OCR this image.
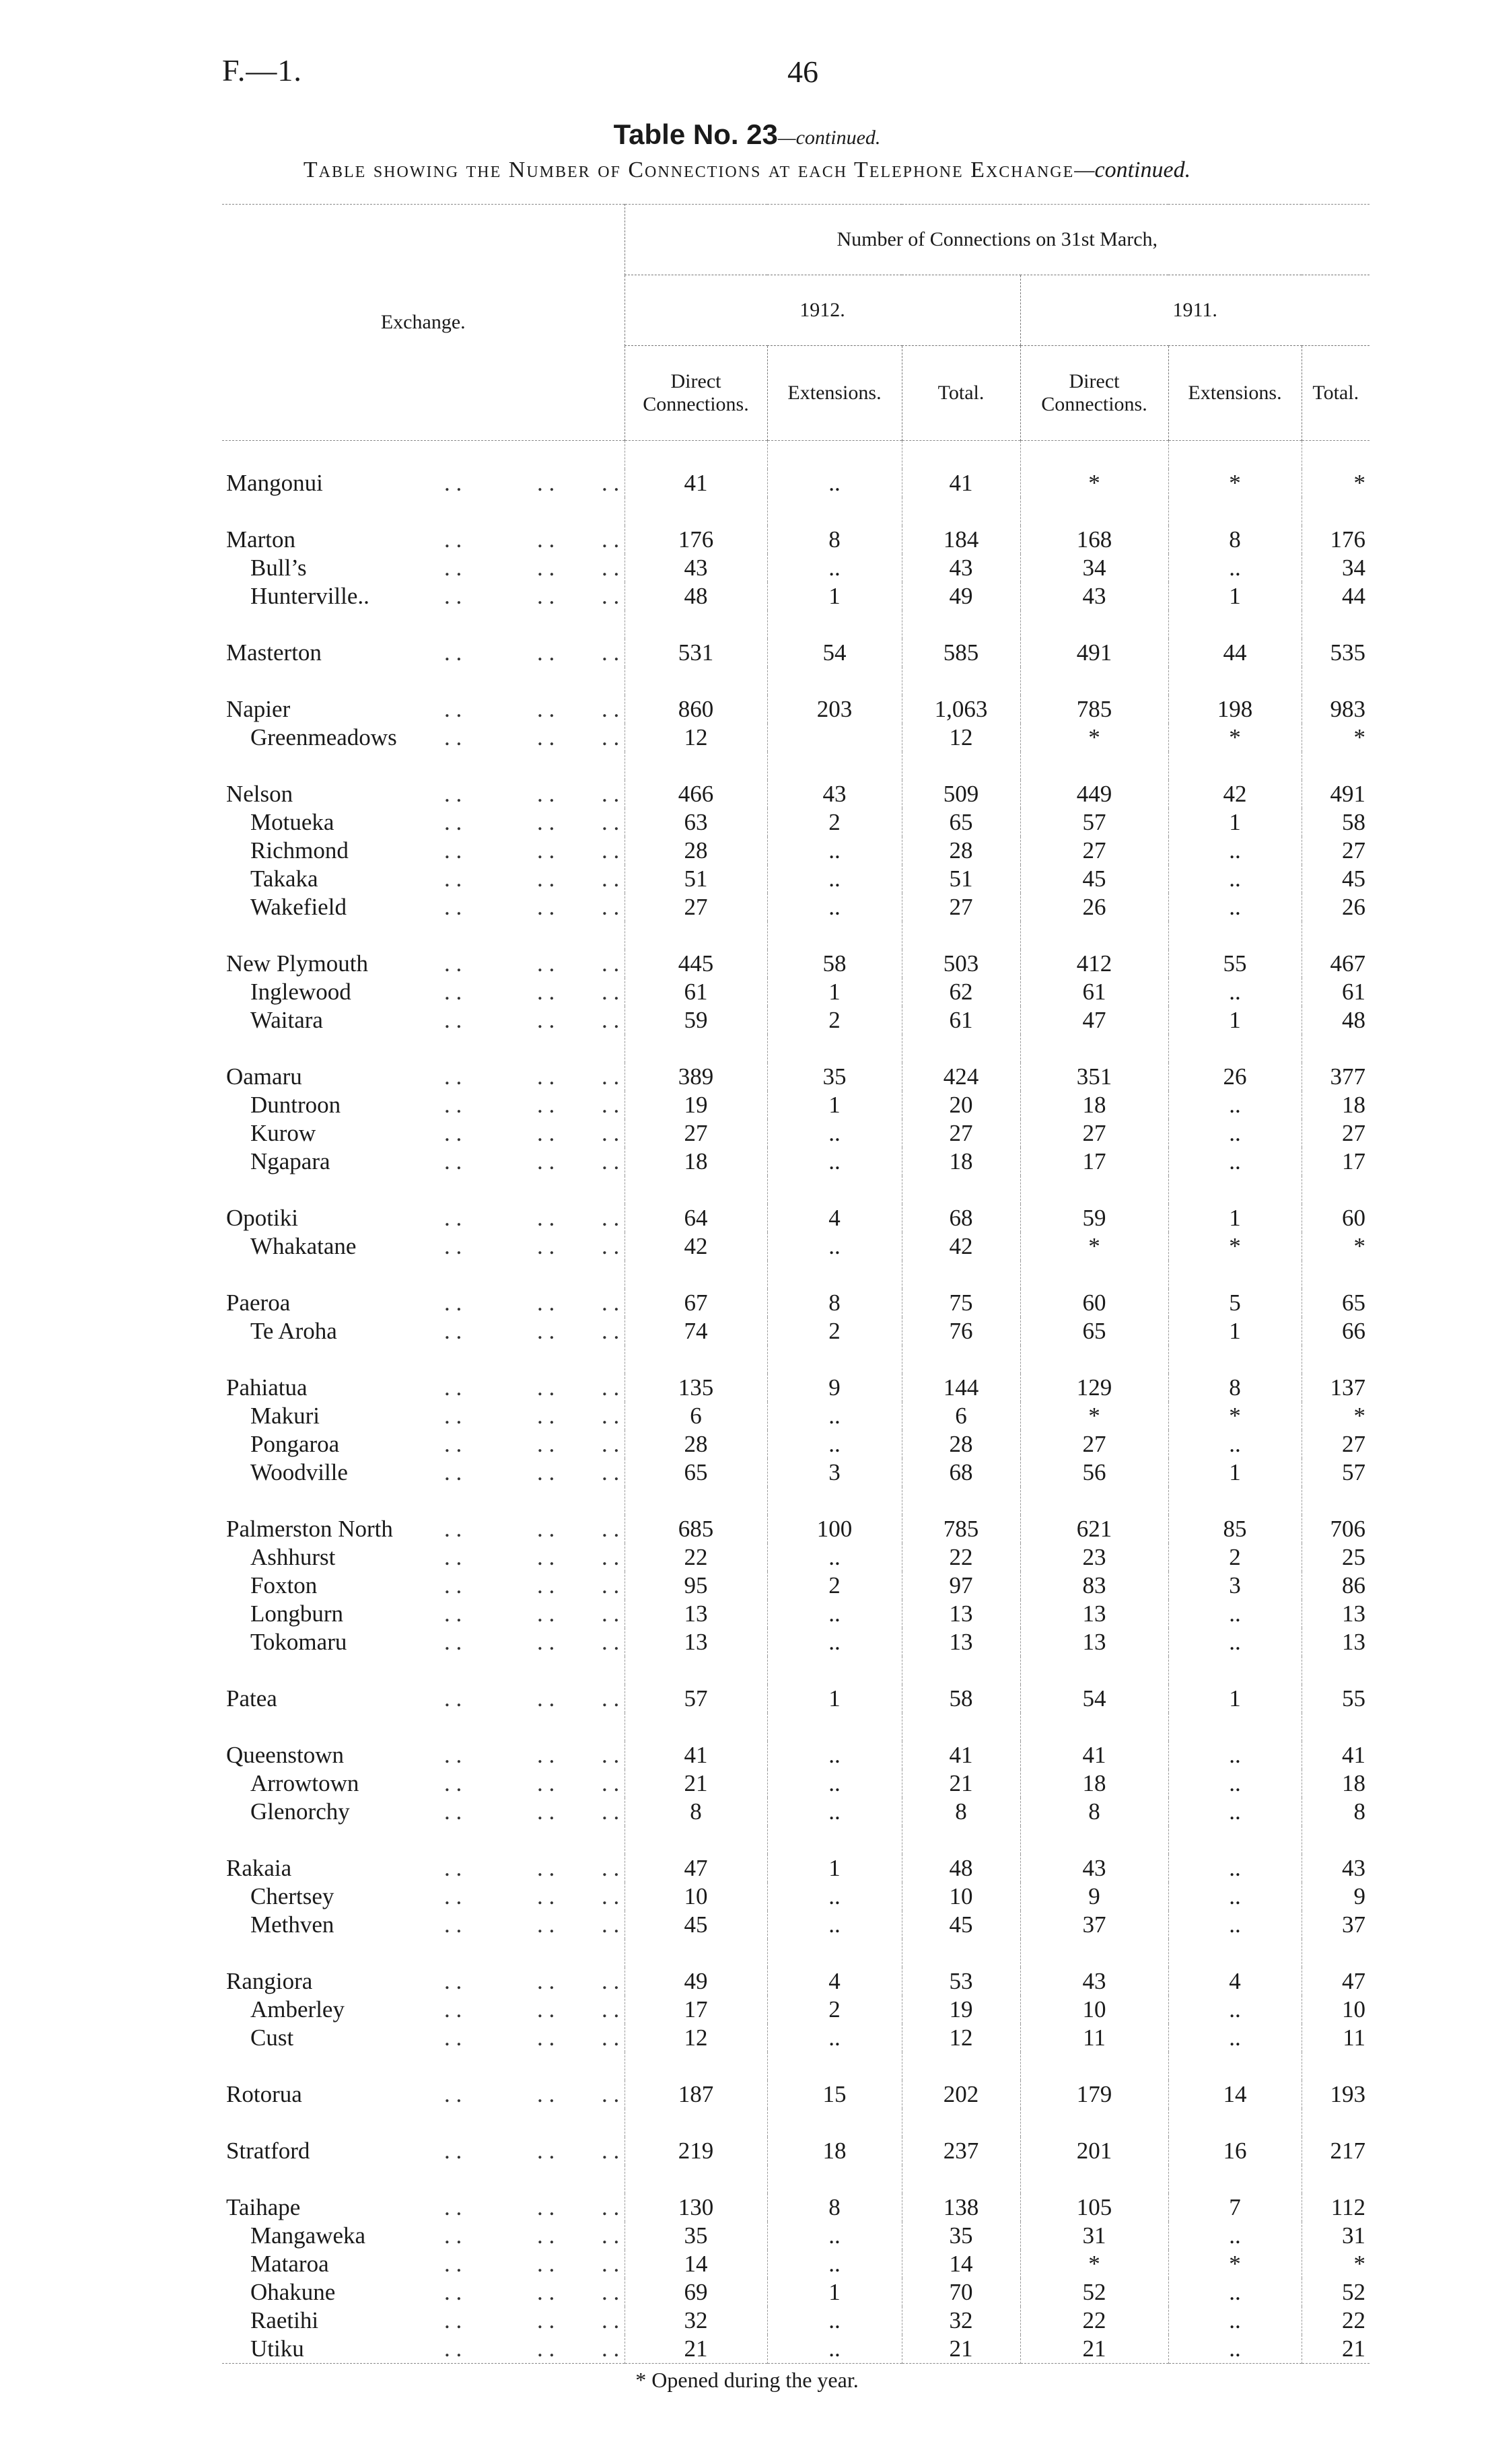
F.—1.	46
Table No. 23—continued.
Table showing the Number of Connections at each Telephone Exchange—continued.
Exchange.	Number of Connections on 31st March,					
	1912.			1911.		
	Direct Connections.	Extensions.	Total.	Direct Connections.	Extensions.	Total.

Mangonui . . . . . .	41	..	41	*	*	*

Marton . . . . . .	176	8	184	168	8	176
Bull’s . . . . . .	43	..	43	34	..	34
Hunterville.. . . . . . .	48	1	49	43	1	44

Masterton . . . . . .	531	54	585	491	44	535

Napier . . . . . .	860	203	1,063	785	198	983
Greenmeadows . . . . . .	12		12	*	*	*

Nelson . . . . . .	466	43	509	449	42	491
Motueka . . . . . .	63	2	65	57	1	58
Richmond . . . . . .	28	..	28	27	..	27
Takaka . . . . . .	51	..	51	45	..	45
Wakefield . . . . . .	27	..	27	26	..	26

New Plymouth . . . . . .	445	58	503	412	55	467
Inglewood . . . . . .	61	1	62	61	..	61
Waitara . . . . . .	59	2	61	47	1	48

Oamaru . . . . . .	389	35	424	351	26	377
Duntroon . . . . . .	19	1	20	18	..	18
Kurow . . . . . .	27	..	27	27	..	27
Ngapara . . . . . .	18	..	18	17	..	17

Opotiki . . . . . .	64	4	68	59	1	60
Whakatane . . . . . .	42	..	42	*	*	*

Paeroa . . . . . .	67	8	75	60	5	65
Te Aroha . . . . . .	74	2	76	65	1	66

Pahiatua . . . . . .	135	9	144	129	8	137
Makuri . . . . . .	6	..	6	*	*	*
Pongaroa . . . . . .	28	..	28	27	..	27
Woodville . . . . . .	65	3	68	56	1	57

Palmerston North . . . . . .	685	100	785	621	85	706
Ashhurst . . . . . .	22	..	22	23	2	25
Foxton . . . . . .	95	2	97	83	3	86
Longburn . . . . . .	13	..	13	13	..	13
Tokomaru . . . . . .	13	..	13	13	..	13

Patea . . . . . .	57	1	58	54	1	55

Queenstown . . . . . .	41	..	41	41	..	41
Arrowtown . . . . . .	21	..	21	18	..	18
Glenorchy . . . . . .	8	..	8	8	..	8

Rakaia . . . . . .	47	1	48	43	..	43
Chertsey . . . . . .	10	..	10	9	..	9
Methven . . . . . .	45	..	45	37	..	37

Rangiora . . . . . .	49	4	53	43	4	47
Amberley . . . . . .	17	2	19	10	..	10
Cust . . . . . .	12	..	12	11	..	11

Rotorua . . . . . .	187	15	202	179	14	193

Stratford . . . . . .	219	18	237	201	16	217

Taihape . . . . . .	130	8	138	105	7	112
Mangaweka . . . . . .	35	..	35	31	..	31
Mataroa . . . . . .	14	..	14	*	*	*
Ohakune . . . . . .	69	1	70	52	..	52
Raetihi . . . . . .	32	..	32	22	..	22
Utiku . . . . . .	21	..	21	21	..	21
* Opened during the year.
